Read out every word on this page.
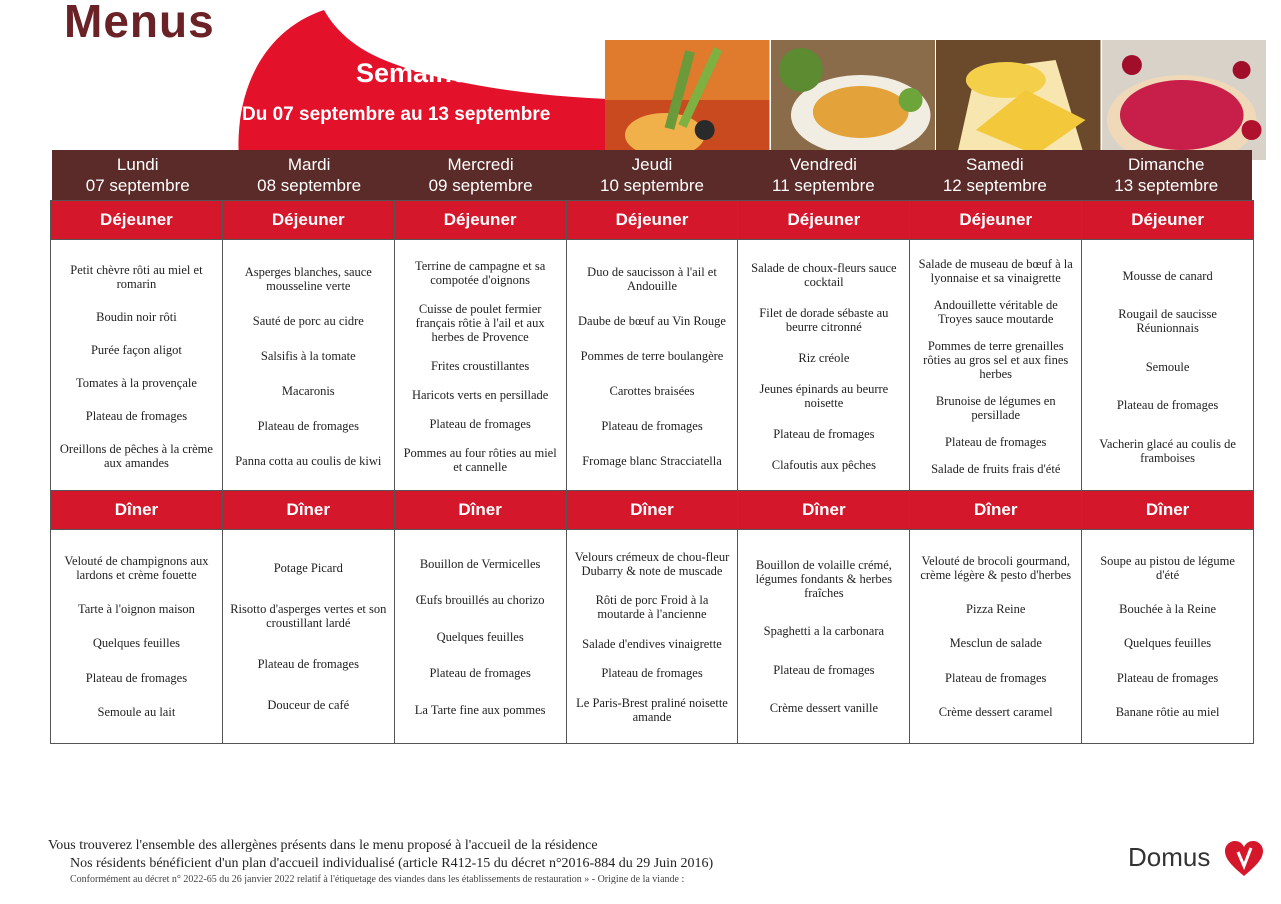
Menus
Semaine
Du 07 septembre au 13 septembre
Lundi
07 septembre
Mardi
08 septembre
Mercredi
09 septembre
Jeudi
10 septembre
Vendredi
11 septembre
Samedi
12 septembre
Dimanche
13 septembre
Déjeuner
Petit chèvre rôti au miel et romarin
Boudin noir rôti
Purée façon aligot
Tomates à la provençale
Plateau de fromages
Oreillons de pêches à la crème aux amandes
Déjeuner
Asperges blanches, sauce mousseline verte
Sauté de porc au cidre
Salsifis à la tomate
Macaronis
Plateau de fromages
Panna cotta au coulis de kiwi
Déjeuner
Terrine de campagne et sa compotée d'oignons
Cuisse de poulet fermier français rôtie à l'ail et aux herbes de Provence
Frites croustillantes
Haricots verts en persillade
Plateau de fromages
Pommes au four rôties au miel et cannelle
Déjeuner
Duo de saucisson à l'ail et Andouille
Daube de bœuf au Vin Rouge
Pommes de terre boulangère
Carottes braisées
Plateau de fromages
Fromage blanc Stracciatella
Déjeuner
Salade de choux-fleurs sauce cocktail
Filet de dorade sébaste au beurre citronné
Riz créole
Jeunes épinards au beurre noisette
Plateau de fromages
Clafoutis aux pêches
Déjeuner
Salade de museau de bœuf à la lyonnaise et sa vinaigrette
Andouillette véritable de Troyes sauce moutarde
Pommes de terre grenailles rôties au gros sel et aux fines herbes
Brunoise de légumes en persillade
Plateau de fromages
Salade de fruits frais d'été
Déjeuner
Mousse de canard
Rougail de saucisse Réunionnais
Semoule
Plateau de fromages
Vacherin glacé au coulis de framboises
Dîner
Velouté de champignons aux lardons et crème fouette
Tarte à l'oignon maison
Quelques feuilles
Plateau de fromages
Semoule au lait
Dîner
Potage Picard
Risotto d'asperges vertes et son croustillant lardé
Plateau de fromages
Douceur de café
Dîner
Bouillon de Vermicelles
Œufs brouillés au chorizo
Quelques feuilles
Plateau de fromages
La Tarte fine aux pommes
Dîner
Velours crémeux de chou-fleur Dubarry & note de muscade
Rôti de porc Froid à la moutarde à l'ancienne
Salade d'endives vinaigrette
Plateau de fromages
Le Paris-Brest praliné noisette amande
Dîner
Bouillon de volaille crémé, légumes fondants & herbes fraîches
Spaghetti a la carbonara
Plateau de fromages
Crème dessert vanille
Dîner
Velouté de brocoli gourmand, crème légère & pesto d'herbes
Pizza Reine
Mesclun de salade
Plateau de fromages
Crème dessert caramel
Dîner
Soupe au pistou de légume d'été
Bouchée à la Reine
Quelques feuilles
Plateau de fromages
Banane rôtie au miel
Vous trouverez l'ensemble des allergènes présents dans le menu proposé à l'accueil de la résidence
Nos résidents bénéficient d'un plan d'accueil individualisé (article R412-15 du décret n°2016-884 du 29 Juin 2016)
Conformément au décret n° 2022-65 du 26 janvier 2022 relatif à l'étiquetage des viandes dans les établissements de restauration » - Origine de la viande :
Domus
